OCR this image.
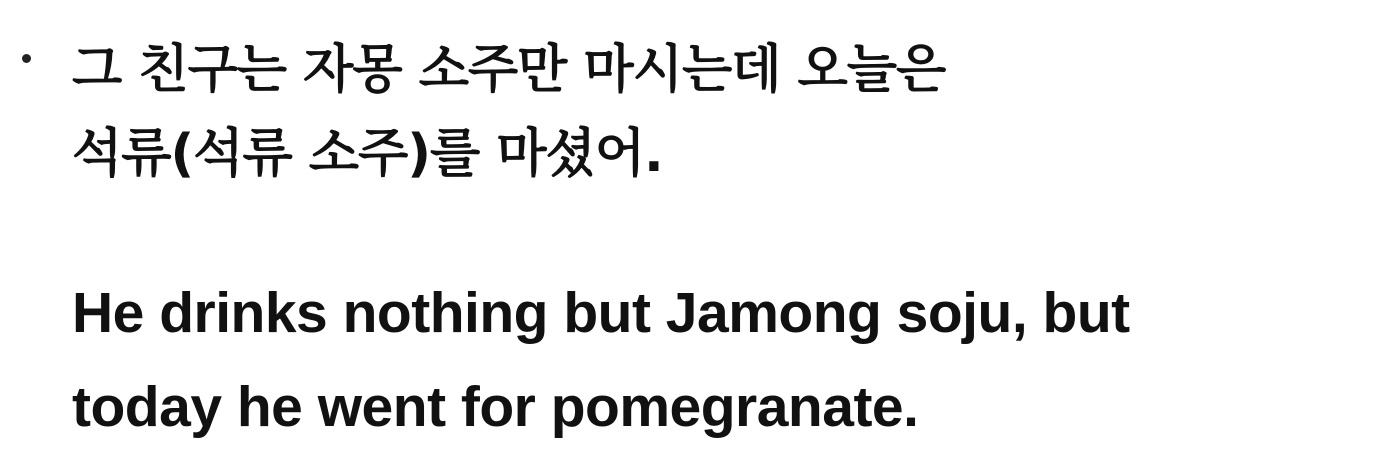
그 친구는 자몽 소주만 마시는데 오늘은
석류(석류 소주)를 마셨어.
He drinks nothing but Jamong soju, but
today he went for pomegranate.
